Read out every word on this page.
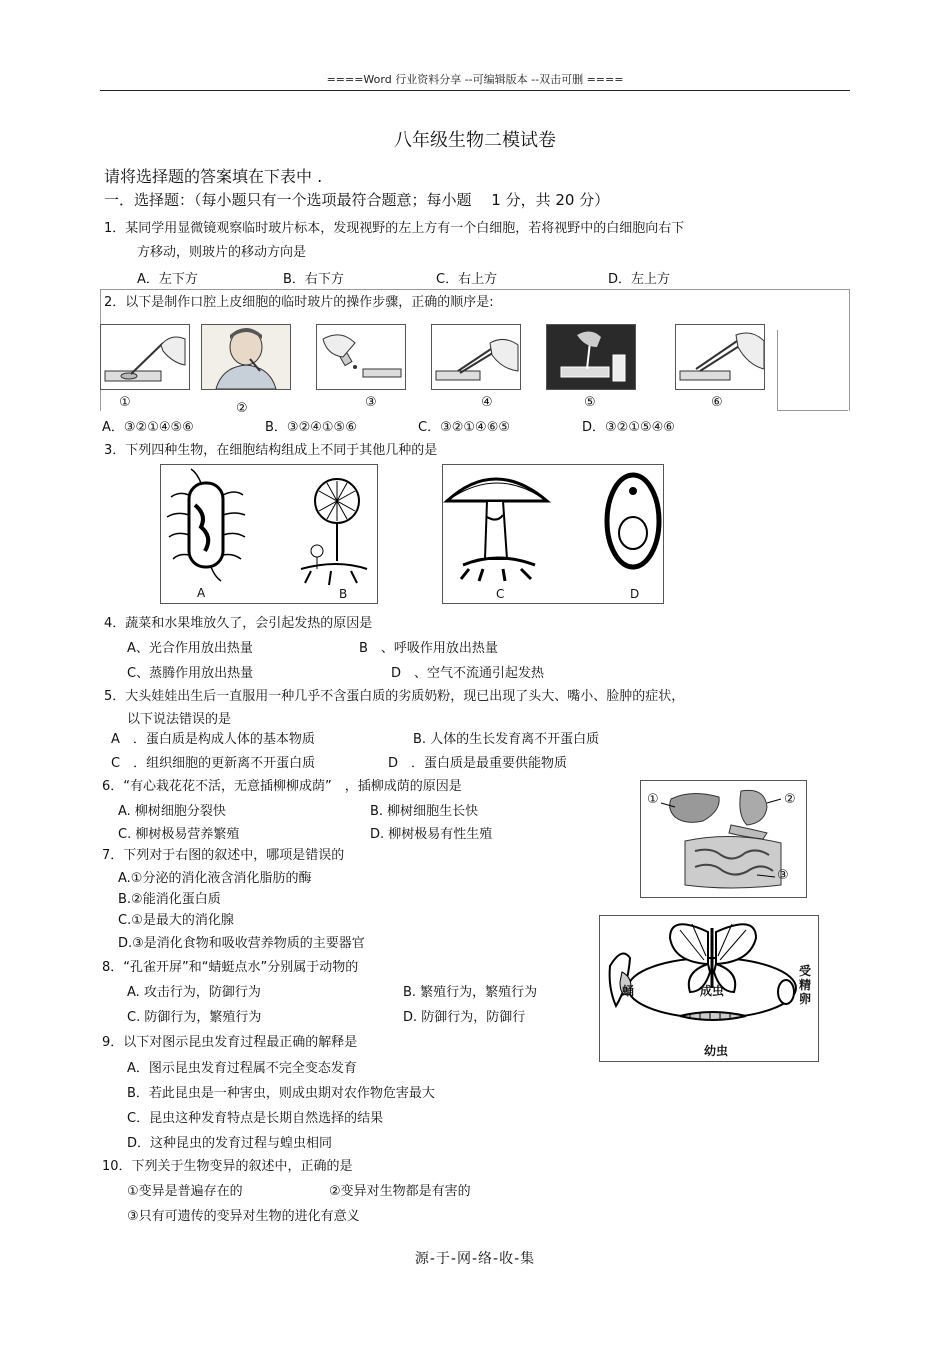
====Word 行业资料分享 --可编辑版本 --双击可删 ====
八年级生物二模试卷
请将选择题的答案填在下表中 .
一．选择题：（每小题只有一个选项最符合题意；每小题　 1 分，共 20 分）
1．某同学用显微镜观察临时玻片标本，发现视野的左上方有一个白细胞，若将视野中的白细胞向右下
方移动，则玻片的移动方向是
A．左下方	B．右下方	C．右上方	D．左上方
2．以下是制作口腔上皮细胞的临时玻片的操作步骤，正确的顺序是:
①	②	③	④	⑤	⑥
A．③②①④⑤⑥	B．③②④①⑤⑥	C．③②①④⑥⑤	D．③②①⑤④⑥
3．下列四种生物，在细胞结构组成上不同于其他几种的是
A	B	C	D
4．蔬菜和水果堆放久了，会引起发热的原因是
A、光合作用放出热量	B　、呼吸作用放出热量
C、蒸腾作用放出热量	D　、空气不流通引起发热
5．大头娃娃出生后一直服用一种几乎不含蛋白质的劣质奶粉，现已出现了头大、嘴小、脸肿的症状，
以下说法错误的是
A　．蛋白质是构成人体的基本物质	B. 人体的生长发育离不开蛋白质
C　．组织细胞的更新离不开蛋白质	D　．蛋白质是最重要供能物质
6．“有心栽花花不活，无意插柳柳成荫”　，插柳成荫的原因是
A. 柳树细胞分裂快	B. 柳树细胞生长快
C. 柳树极易营养繁殖	D. 柳树极易有性生殖
①	②
③
7．下列对于右图的叙述中，哪项是错误的
A.①分泌的消化液含消化脂肪的酶
B.②能消化蛋白质
C.①是最大的消化腺
D.③是消化食物和吸收营养物质的主要器官
蛹	成虫
受精卵
幼虫
8．“孔雀开屏”和“蜻蜓点水”分别属于动物的
A. 攻击行为，防御行为	B. 繁殖行为，繁殖行为
C. 防御行为，繁殖行为	D. 防御行为，防御行
9．以下对图示昆虫发育过程最正确的解释是
A．图示昆虫发育过程属不完全变态发育
B．若此昆虫是一种害虫，则成虫期对农作物危害最大
C．昆虫这种发育特点是长期自然选择的结果
D．这种昆虫的发育过程与蝗虫相同
10．下列关于生物变异的叙述中，正确的是
①变异是普遍存在的	②变异对生物都是有害的
③只有可遗传的变异对生物的进化有意义
源-于-网-络-收-集
